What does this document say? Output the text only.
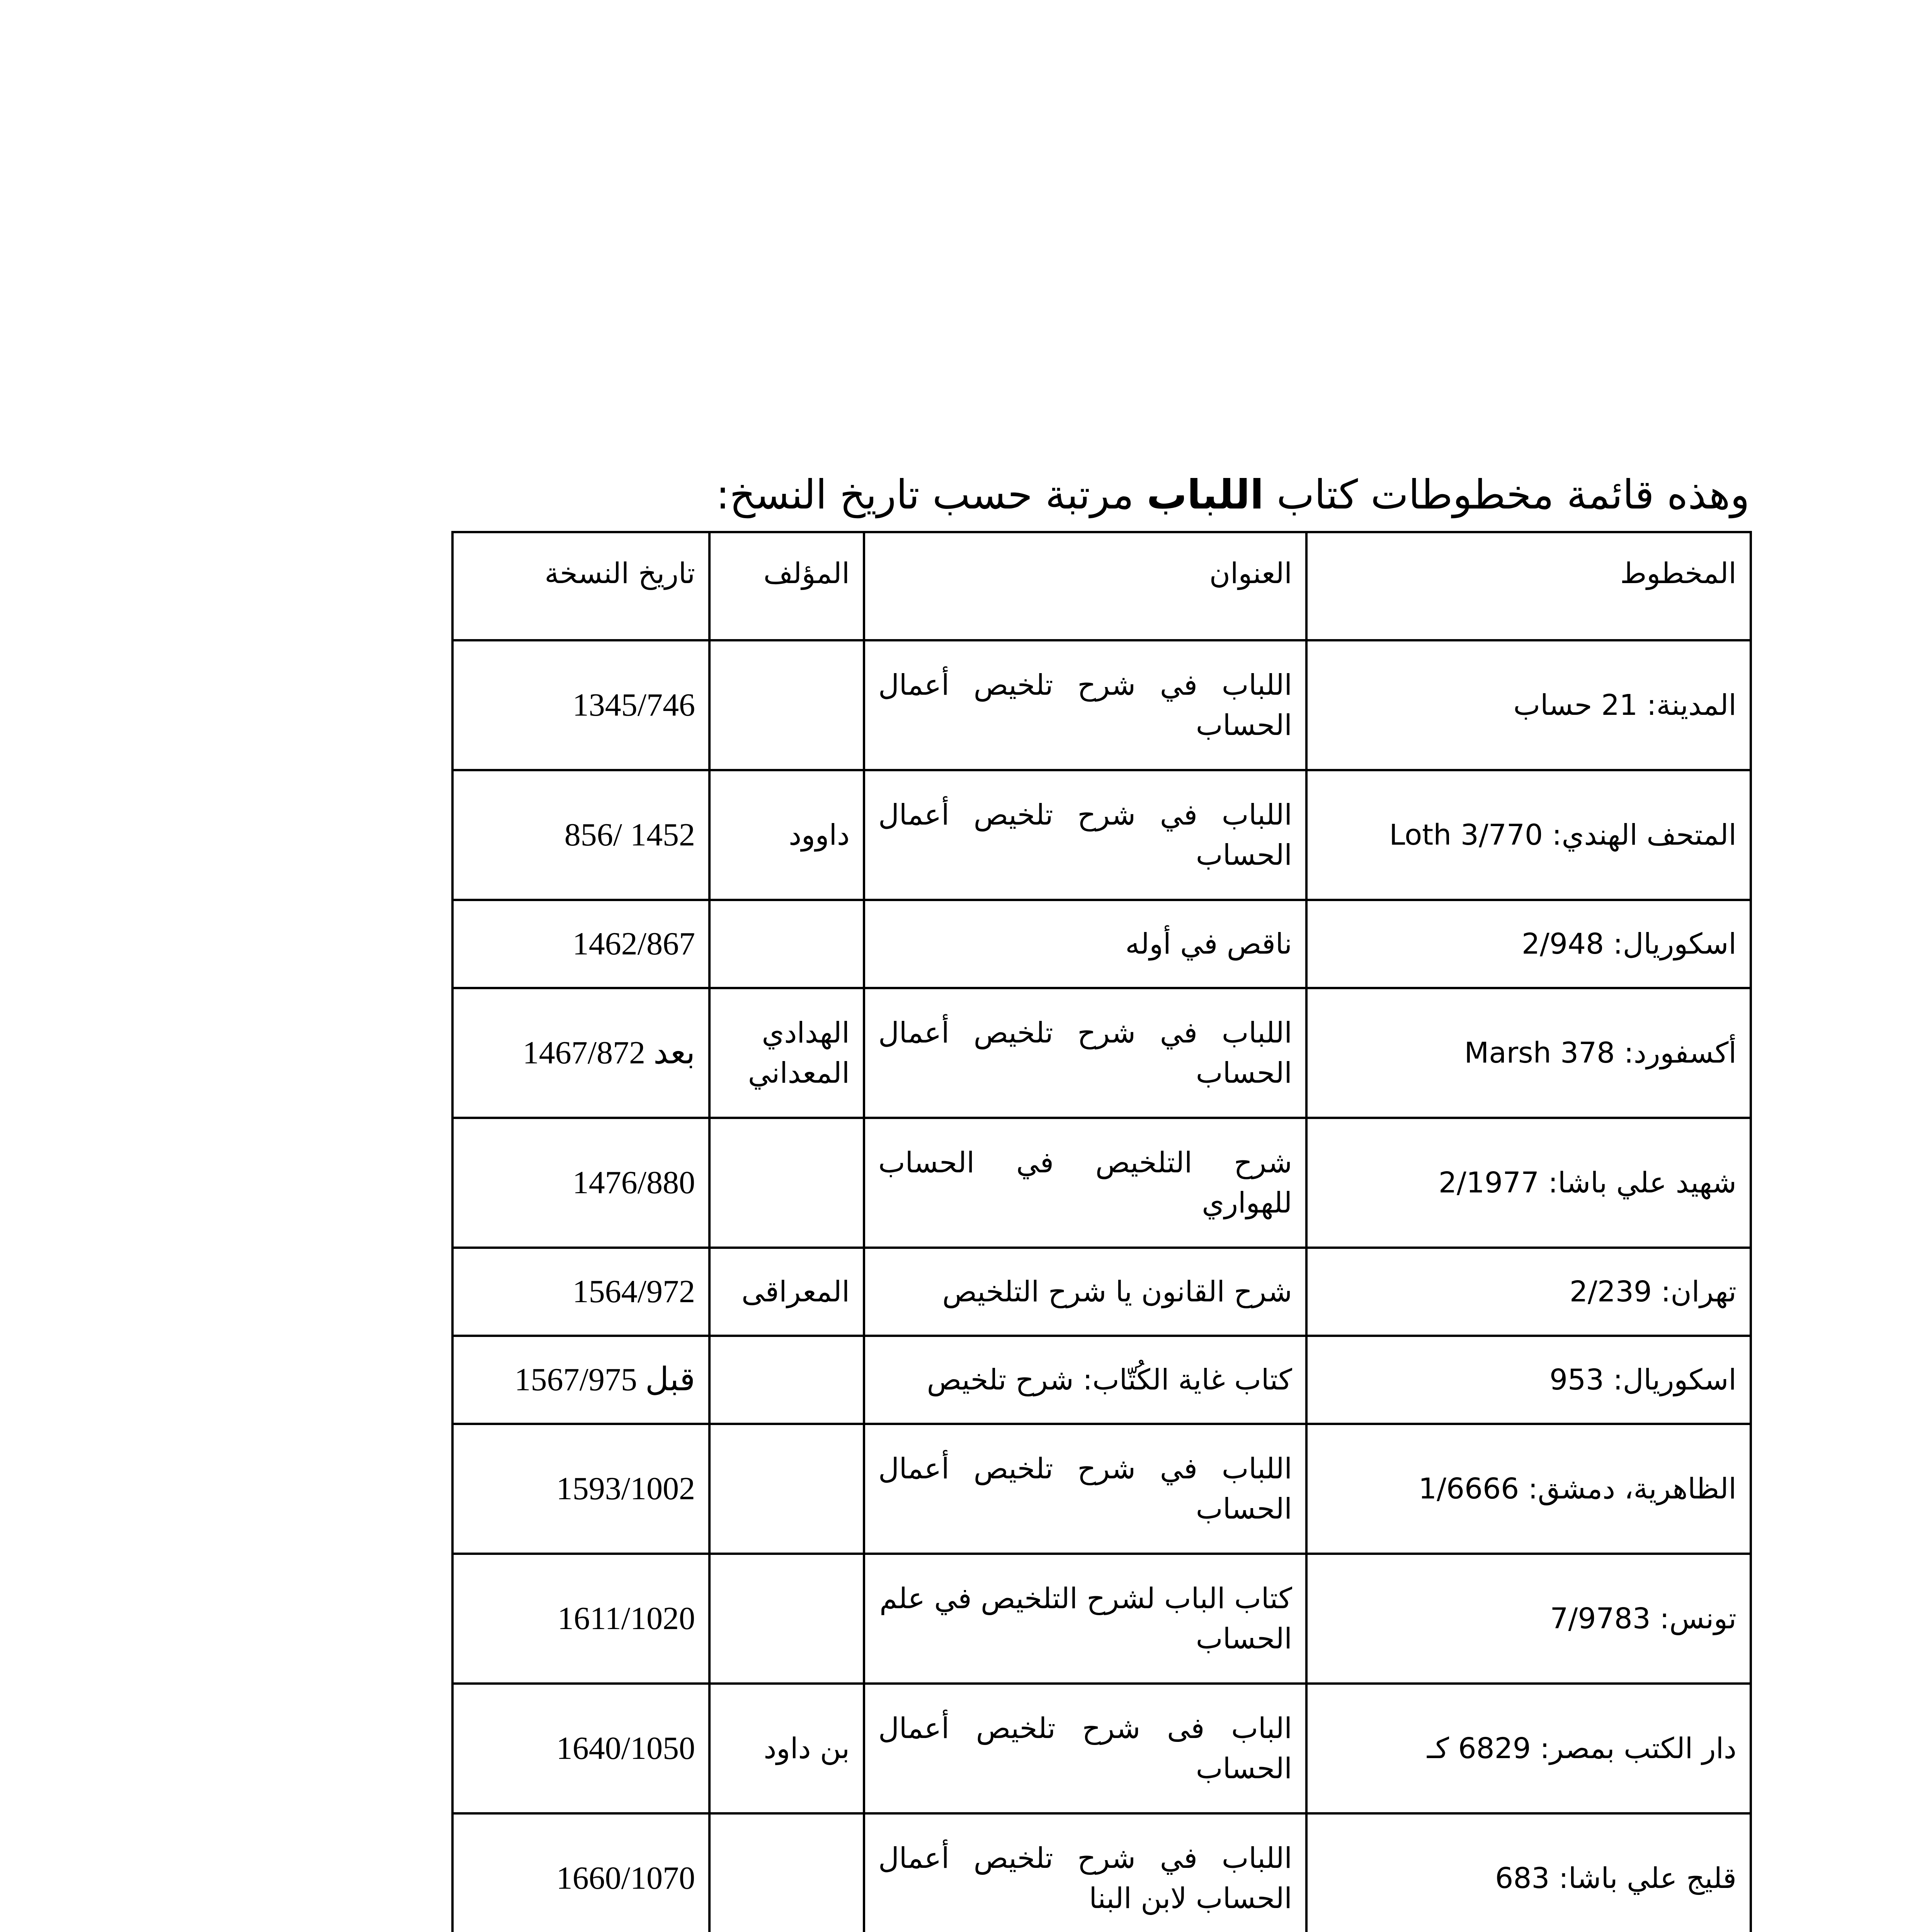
وهذه قائمة مخطوطات كتاب اللباب مرتبة حسب تاريخ النسخ:
المخطوط	العنوان	المؤلف	تاريخ النسخة
المدينة: 21 حساب	اللباب في شرح تلخيص أعمال الحساب		1345/746
المتحف الهندي: Loth 3/770	اللباب في شرح تلخيص أعمال الحساب	داوود	1452 /856
اسكوريال: 2/948	ناقص في أوله		1462/867
أكسفورد: Marsh 378	اللباب في شرح تلخيص أعمال الحساب	الهدادي المعداني	بعد 1467/872
شهيد علي باشا: 2/1977	شرح التلخيص في الحساب للهواري		1476/880
تهران: 2/239	شرح القانون يا شرح التلخيص	المعراقى	1564/972
اسكوريال: 953	كتاب غاية الكُتّاب: شرح تلخيص		قبل 1567/975
الظاهرية، دمشق: 1/6666	اللباب في شرح تلخيص أعمال الحساب		1593/1002
تونس: 7/9783	كتاب الباب لشرح التلخيص في علم الحساب		1611/1020
دار الكتب بمصر: 6829 كـ	الباب فى شرح تلخيص أعمال الحساب	بن داود	1640/1050
قليج علي باشا: 683	اللباب في شرح تلخيص أعمال الحساب لابن البنا		1660/1070
